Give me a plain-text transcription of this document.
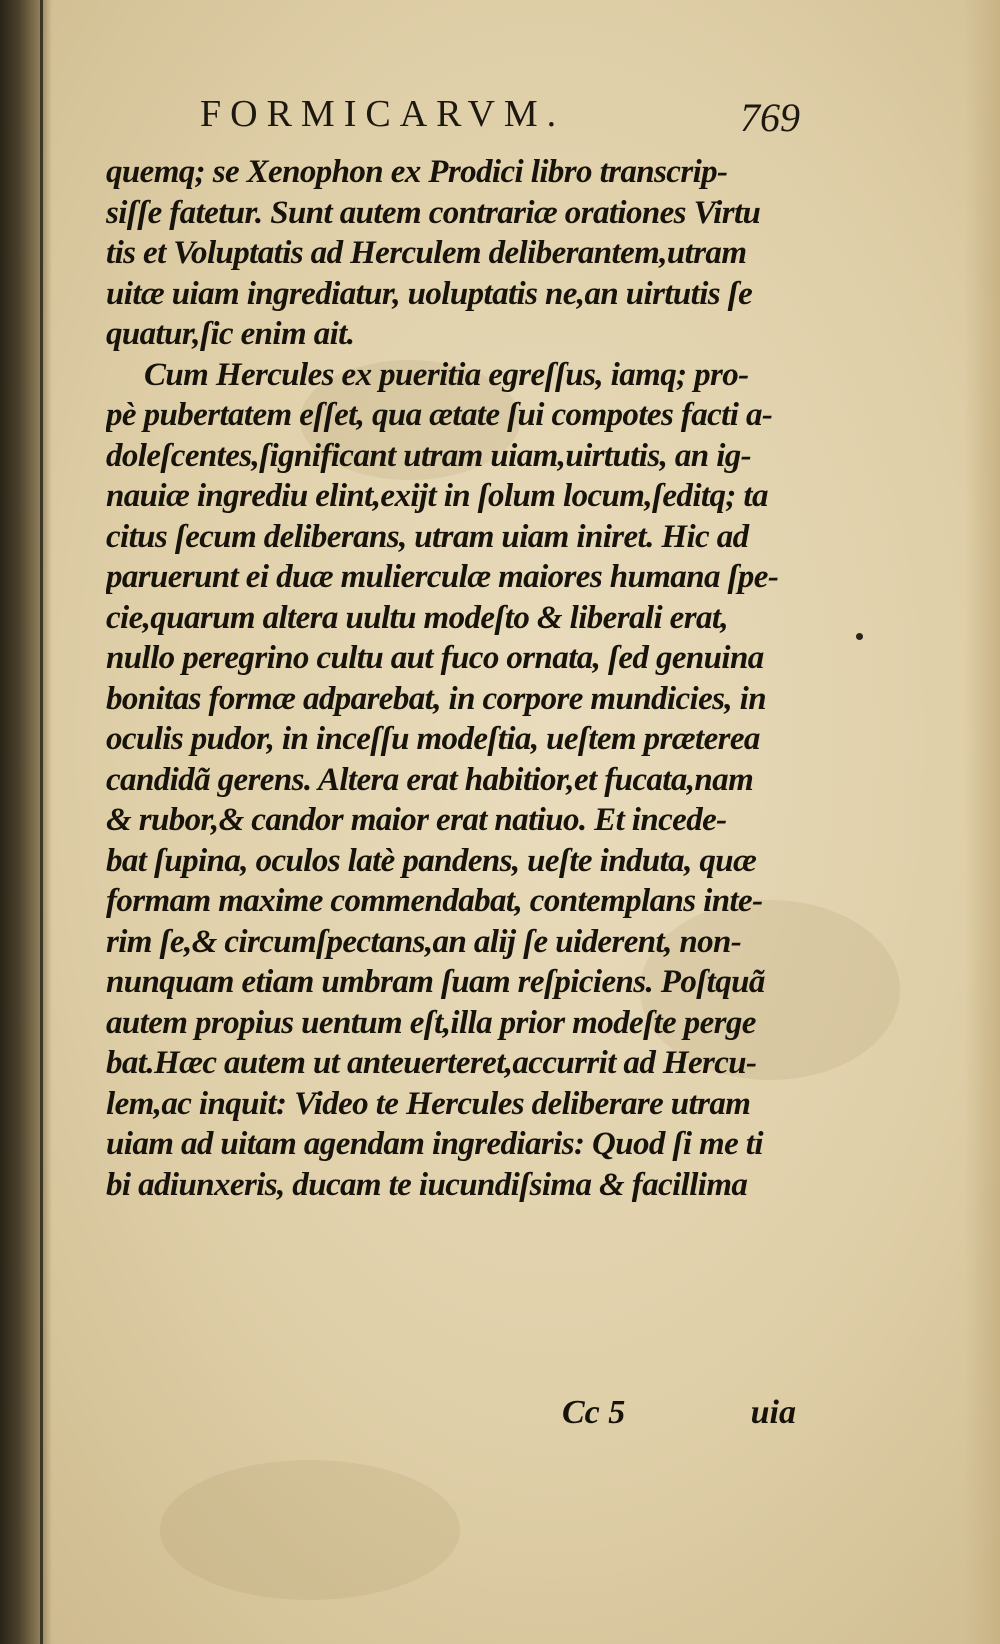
FORMICARVM.	769
quemq; se Xenophon ex Prodici libro transcrip-
siſſe fatetur. Sunt autem contrariæ orationes Virtu
tis et Voluptatis ad Herculem deliberantem,utram
uitæ uiam ingrediatur, uoluptatis ne,an uirtutis ſe
quatur,ſic enim ait.
Cum Hercules ex pueritia egreſſus, iamq; pro-
pè pubertatem eſſet, qua ætate ſui compotes facti a-
doleſcentes,ſignificant utram uiam,uirtutis, an ig-
nauiæ ingrediu elint,exijt in ſolum locum,ſeditq; ta
citus ſecum deliberans, utram uiam iniret. Hic ad
paruerunt ei duæ mulierculæ maiores humana ſpe-
cie,quarum altera uultu modeſto & liberali erat,
nullo peregrino cultu aut fuco ornata, ſed genuina
bonitas formæ adparebat, in corpore mundicies, in
oculis pudor, in inceſſu modeſtia, ueſtem præterea
candidã gerens. Altera erat habitior,et fucata,nam
& rubor,& candor maior erat natiuo. Et incede-
bat ſupina, oculos latè pandens, ueſte induta, quæ
formam maxime commendabat, contemplans inte-
rim ſe,& circumſpectans,an alij ſe uiderent, non-
nunquam etiam umbram ſuam reſpiciens. Poſtquã
autem propius uentum eſt,illa prior modeſte perge
bat.Hæc autem ut anteuerteret,accurrit ad Hercu-
lem,ac inquit: Video te Hercules deliberare utram
uiam ad uitam agendam ingrediaris: Quod ſi me ti
bi adiunxeris, ducam te iucundiſsima & facillima
Cc 5	uia
